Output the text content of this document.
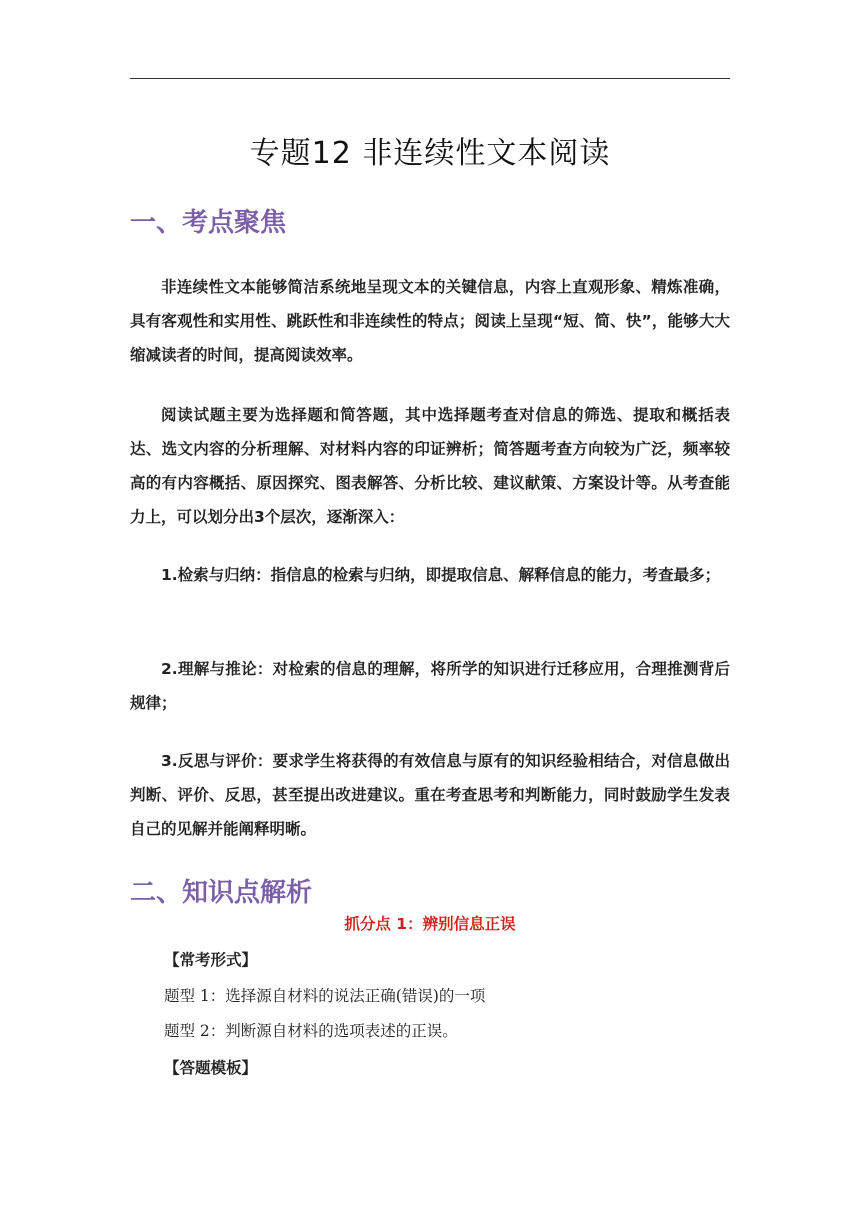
专题12 非连续性文本阅读
一、考点聚焦
非连续性文本能够简洁系统地呈现文本的关键信息，内容上直观形象、精炼准确，具有客观性和实用性、跳跃性和非连续性的特点；阅读上呈现“短、简、快”，能够大大缩减读者的时间，提高阅读效率。
阅读试题主要为选择题和简答题，其中选择题考查对信息的筛选、提取和概括表达、选文内容的分析理解、对材料内容的印证辨析；简答题考查方向较为广泛，频率较高的有内容概括、原因探究、图表解答、分析比较、建议献策、方案设计等。从考查能力上，可以划分出3个层次，逐渐深入：
1.检索与归纳：指信息的检索与归纳，即提取信息、解释信息的能力，考查最多；
2.理解与推论：对检索的信息的理解，将所学的知识进行迁移应用，合理推测背后规律；
3.反思与评价：要求学生将获得的有效信息与原有的知识经验相结合，对信息做出判断、评价、反思，甚至提出改进建议。重在考查思考和判断能力，同时鼓励学生发表自己的见解并能阐释明晰。
二、知识点解析
抓分点 1：辨别信息正误
【常考形式】
题型 1：选择源自材料的说法正确(错误)的一项
题型 2：判断源自材料的选项表述的正误。
【答题模板】
